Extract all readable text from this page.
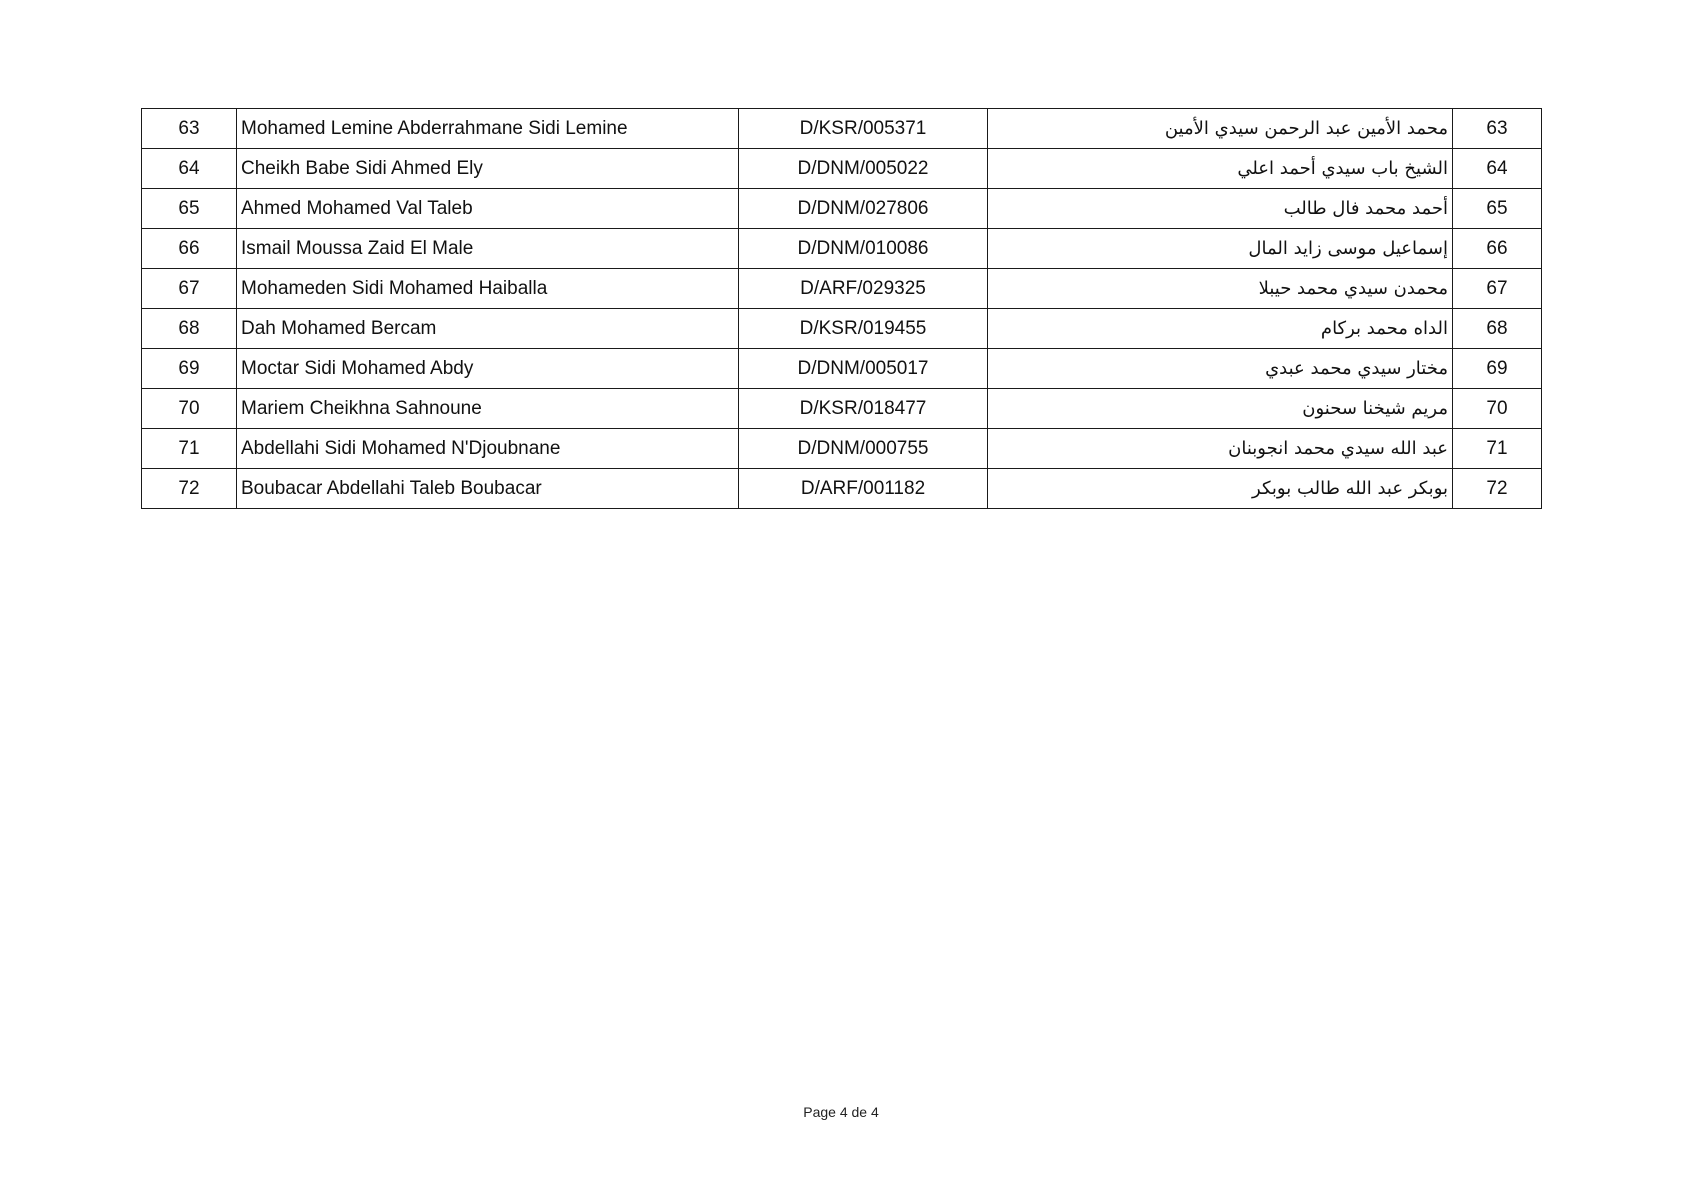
63	Mohamed Lemine Abderrahmane Sidi Lemine	D/KSR/005371	محمد الأمين عبد الرحمن سيدي الأمين	63
64	Cheikh Babe Sidi Ahmed Ely	D/DNM/005022	الشيخ باب سيدي أحمد اعلي	64
65	Ahmed Mohamed Val Taleb	D/DNM/027806	أحمد محمد فال طالب	65
66	Ismail Moussa Zaid El Male	D/DNM/010086	إسماعيل موسى زايد المال	66
67	Mohameden Sidi Mohamed Haiballa	D/ARF/029325	محمدن سيدي محمد حيبلا	67
68	Dah Mohamed Bercam	D/KSR/019455	الداه محمد بركام	68
69	Moctar Sidi Mohamed Abdy	D/DNM/005017	مختار سيدي محمد عبدي	69
70	Mariem Cheikhna Sahnoune	D/KSR/018477	مريم شيخنا سحنون	70
71	Abdellahi Sidi Mohamed N'Djoubnane	D/DNM/000755	عبد الله سيدي محمد انجوبنان	71
72	Boubacar Abdellahi Taleb Boubacar	D/ARF/001182	بوبكر عبد الله طالب بوبكر	72
Page 4 de 4
